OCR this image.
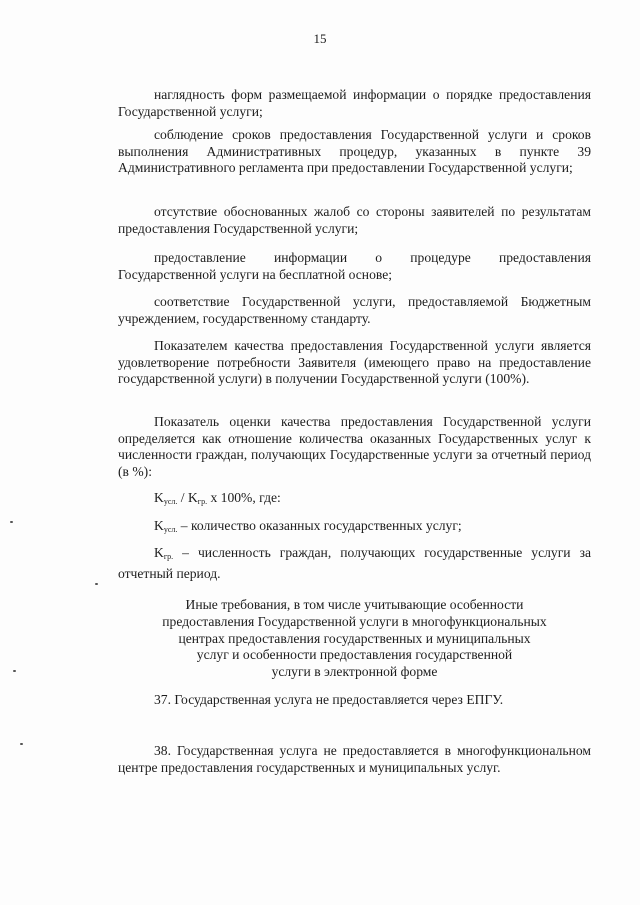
15

наглядность форм размещаемой информации о порядке предоставления Государственной услуги;

соблюдение сроков предоставления Государственной услуги и сроков выполнения Административных процедур, указанных в пункте 39 Административного регламента при предоставлении Государственной услуги;

отсутствие обоснованных жалоб со стороны заявителей по результатам предоставления Государственной услуги;

предоставление информации о процедуре предоставления Государственной услуги на бесплатной основе;

соответствие Государственной услуги, предоставляемой Бюджетным учреждением, государственному стандарту.

Показателем качества предоставления Государственной услуги является удовлетворение потребности Заявителя (имеющего право на предоставление государственной услуги) в получении Государственной услуги (100%).

Показатель оценки качества предоставления Государственной услуги определяется как отношение количества оказанных Государственных услуг к численности граждан, получающих Государственные услуги за отчетный период (в %):

$K_{усл.} / K_{гр.}$ x 100%, где:

$K_{усл.}$ – количество оказанных государственных услуг;

$K_{гр.}$ – численность граждан, получающих государственные услуги за отчетный период.

Иные требования, в том числе учитывающие особенности

предоставления Государственной услуги в многофункциональных

центрах предоставления государственных и муниципальных

услуг и особенности предоставления государственной

услуги в электронной форме

37. Государственная услуга не предоставляется через ЕПГУ.

38. Государственная услуга не предоставляется в многофункциональном центре предоставления государственных и муниципальных услуг.
